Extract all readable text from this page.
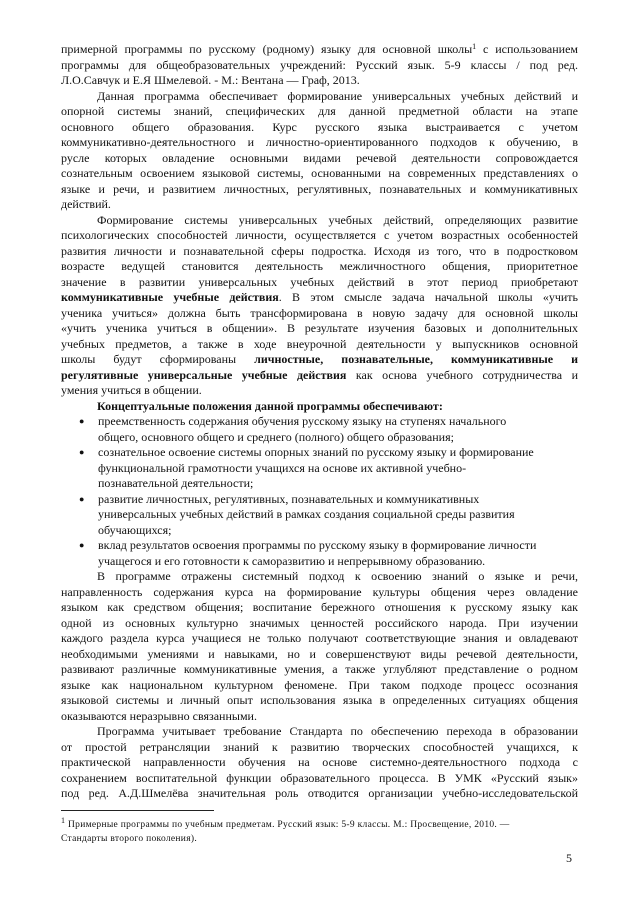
примерной программы по русскому (родному) языку для основной школы$^1$ с использованием
программы для общеобразовательных учреждений: Русский язык. 5-9 классы / под ред.
Л.О.Савчук и Е.Я Шмелевой. - М.: Вентана — Граф, 2013.
Данная программа обеспечивает формирование универсальных учебных действий и
опорной системы знаний, специфических для данной предметной области на этапе
основного общего образования. Курс русского языка выстраивается с учетом
коммуникативно-деятельностного и личностно-ориентированного подходов к обучению, в
русле которых овладение основными видами речевой деятельности сопровождается
сознательным освоением языковой системы, основанными на современных представлениях о
языке и речи, и развитием личностных, регулятивных, познавательных и коммуникативных
действий.
Формирование системы универсальных учебных действий, определяющих развитие
психологических способностей личности, осуществляется с учетом возрастных особенностей
развития личности и познавательной сферы подростка. Исходя из того, что в подростковом
возрасте ведущей становится деятельность межличностного общения, приоритетное
значение в развитии универсальных учебных действий в этот период приобретают
коммуникативные учебные действия. В этом смысле задача начальной школы «учить
ученика учиться» должна быть трансформирована в новую задачу для основной школы
«учить ученика учиться в общении». В результате изучения базовых и дополнительных
учебных предметов, а также в ходе внеурочной деятельности у выпускников основной
школы будут сформированы личностные, познавательные, коммуникативные и
регулятивные универсальные учебные действия как основа учебного сотрудничества и
умения учиться в общении.
Концептуальные положения данной программы обеспечивают:
● преемственность содержания обучения русскому языку на ступенях начального
общего, основного общего и среднего (полного) общего образования;
● сознательное освоение системы опорных знаний по русскому языку и формирование
функциональной грамотности учащихся на основе их активной учебно-
познавательной деятельности;
● развитие личностных, регулятивных, познавательных и коммуникативных
универсальных учебных действий в рамках создания социальной среды развития
обучающихся;
● вклад результатов освоения программы по русскому языку в формирование личности
учащегося и его готовности к саморазвитию и непрерывному образованию.
В программе отражены системный подход к освоению знаний о языке и речи,
направленность содержания курса на формирование культуры общения через овладение
языком как средством общения; воспитание бережного отношения к русскому языку как
одной из основных культурно значимых ценностей российского народа. При изучении
каждого раздела курса учащиеся не только получают соответствующие знания и овладевают
необходимыми умениями и навыками, но и совершенствуют виды речевой деятельности,
развивают различные коммуникативные умения, а также углубляют представление о родном
языке как национальном культурном феномене. При таком подходе процесс осознания
языковой системы и личный опыт использования языка в определенных ситуациях общения
оказываются неразрывно связанными.
Программа учитывает требование Стандарта по обеспечению перехода в образовании
от простой ретрансляции знаний к развитию творческих способностей учащихся, к
практической направленности обучения на основе системно-деятельностного подхода с
сохранением воспитательной функции образовательного процесса. В УМК «Русский язык»
под ред. А.Д.Шмелёва значительная роль отводится организации учебно-исследовательской
$^1$ Примерные программы по учебным предметам. Русский язык: 5-9 классы. М.: Просвещение, 2010. —
Стандарты второго поколения).
5
